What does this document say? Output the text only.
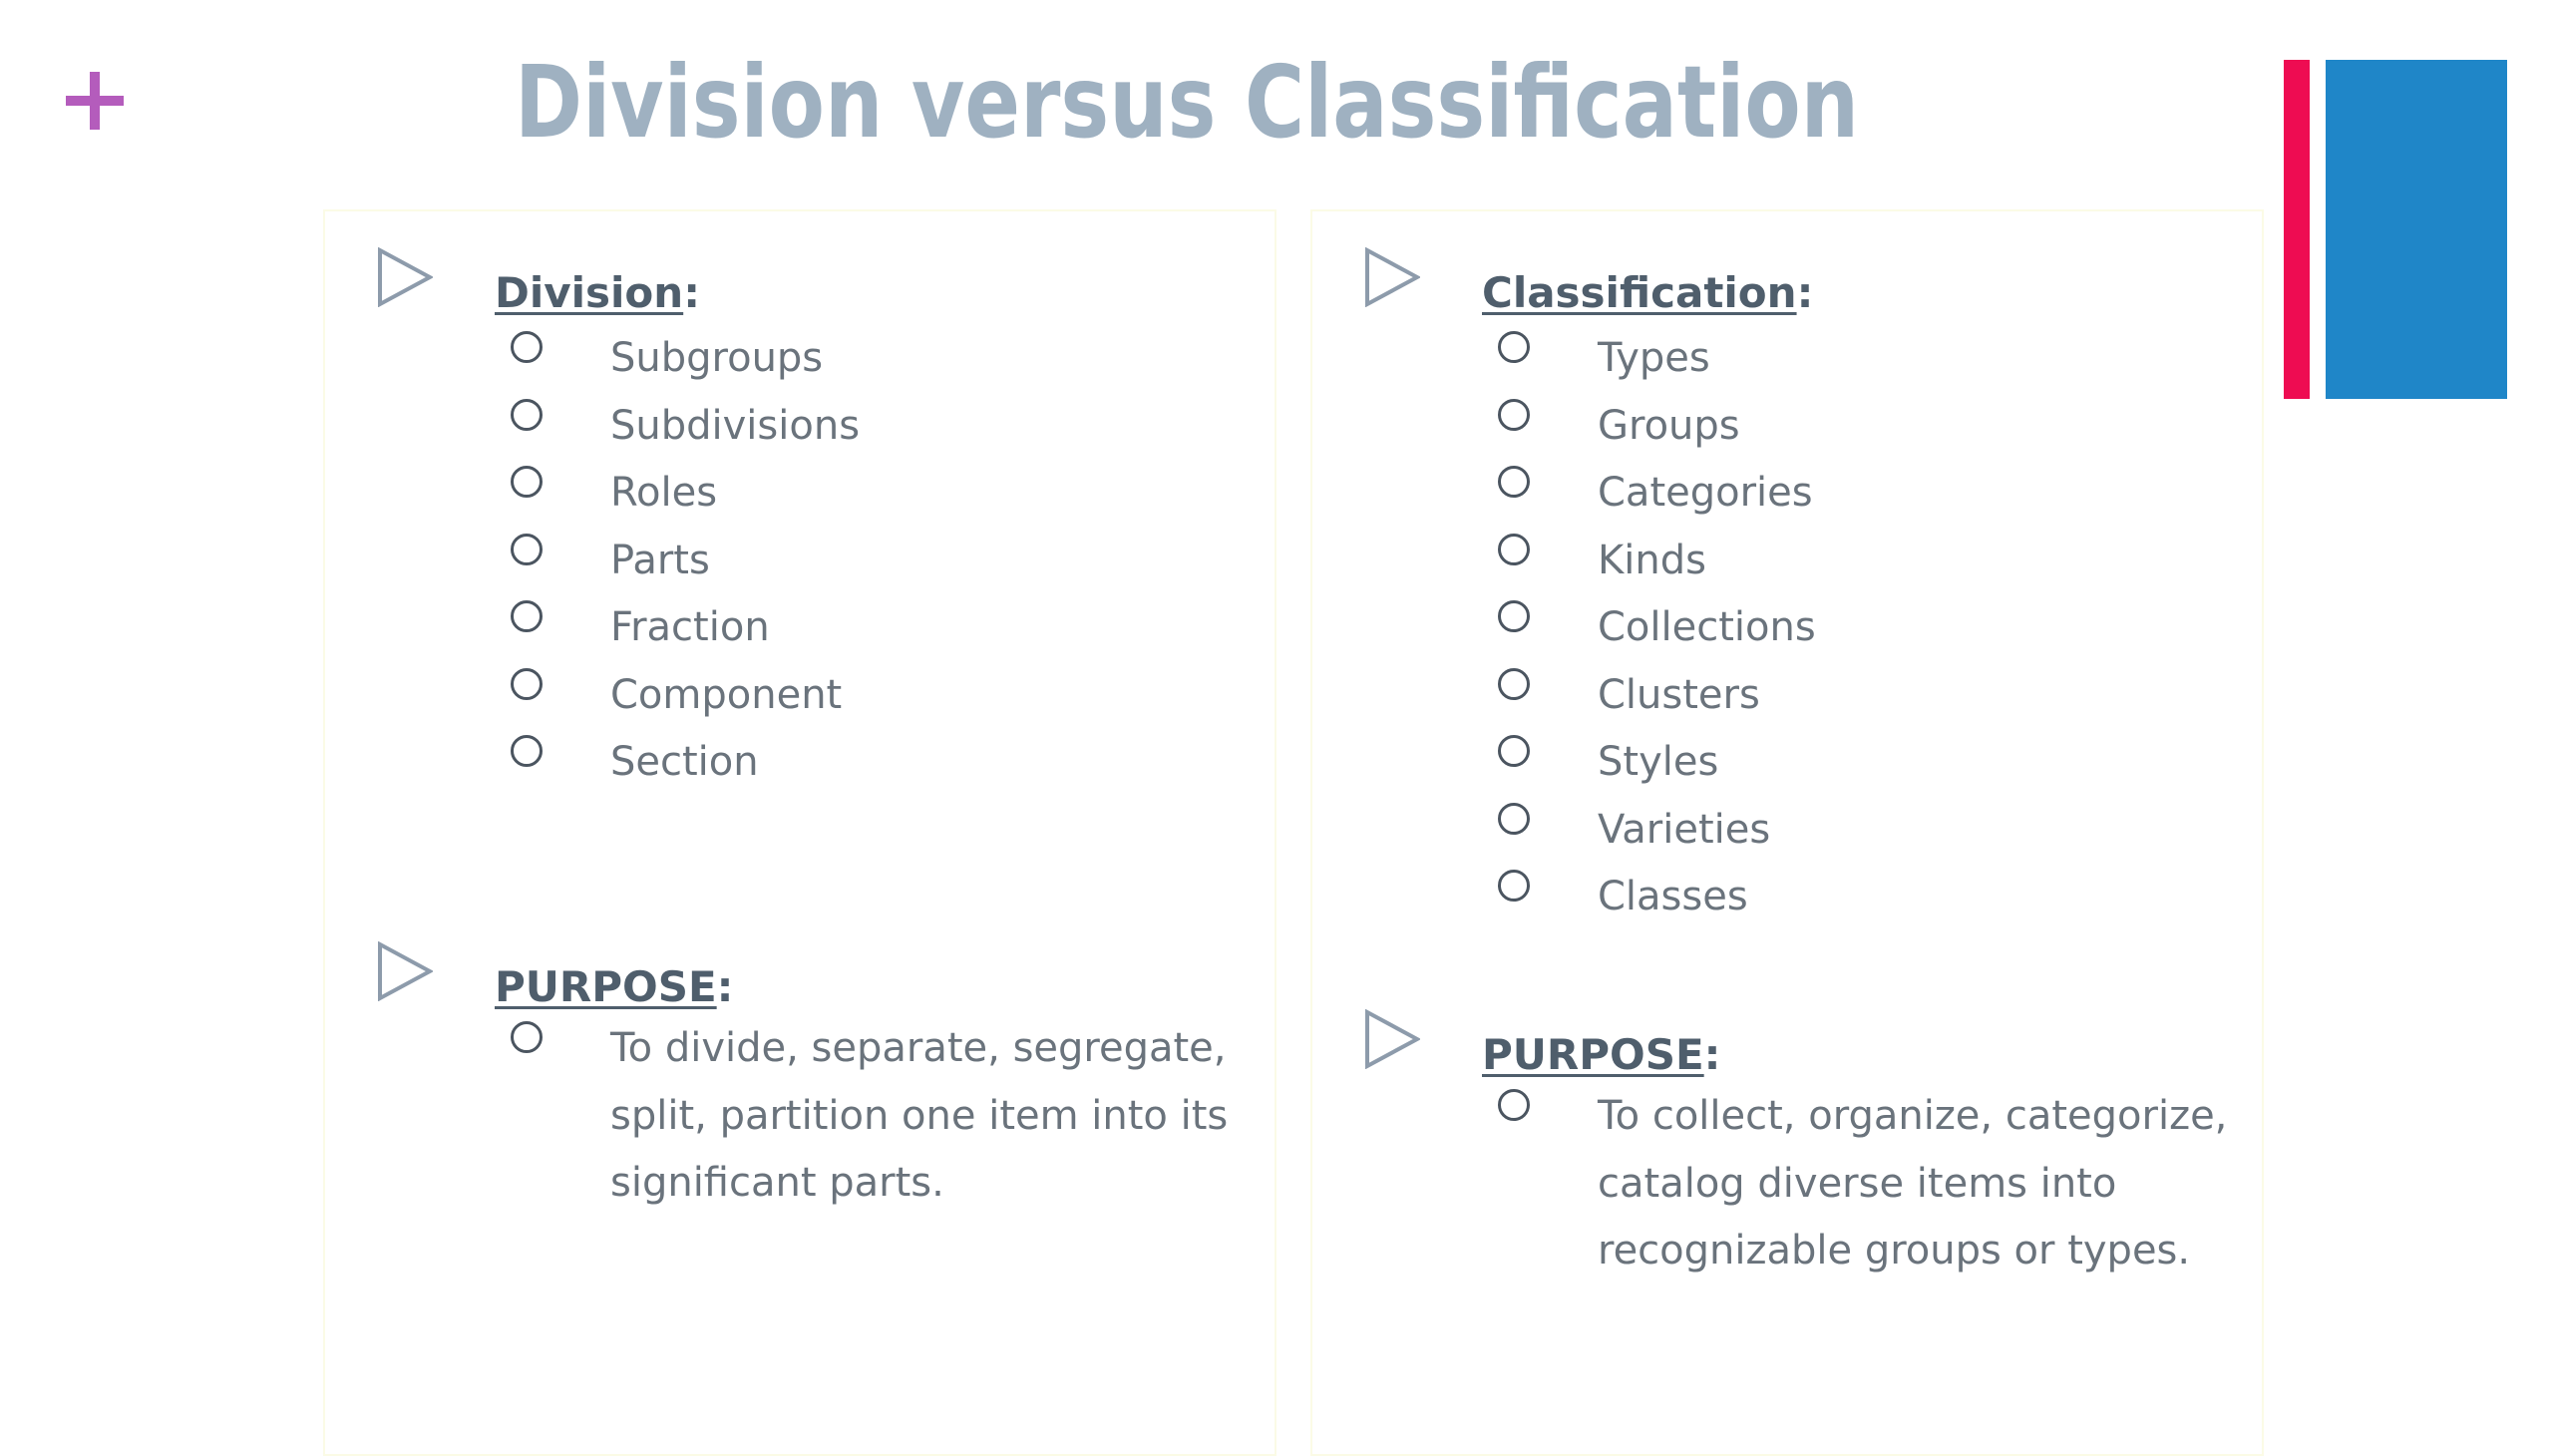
Division versus Classification
Division:
Subgroups
Subdivisions
Roles
Parts
Fraction
Component
Section
PURPOSE:

To divide, separate, segregate,
split, partition one item into its
significant parts.

Classification:
Types
Groups
Categories
Kinds
Collections
Clusters
Styles
Varieties
Classes
PURPOSE:

To collect, organize, categorize,
catalog diverse items into
recognizable groups or types.
